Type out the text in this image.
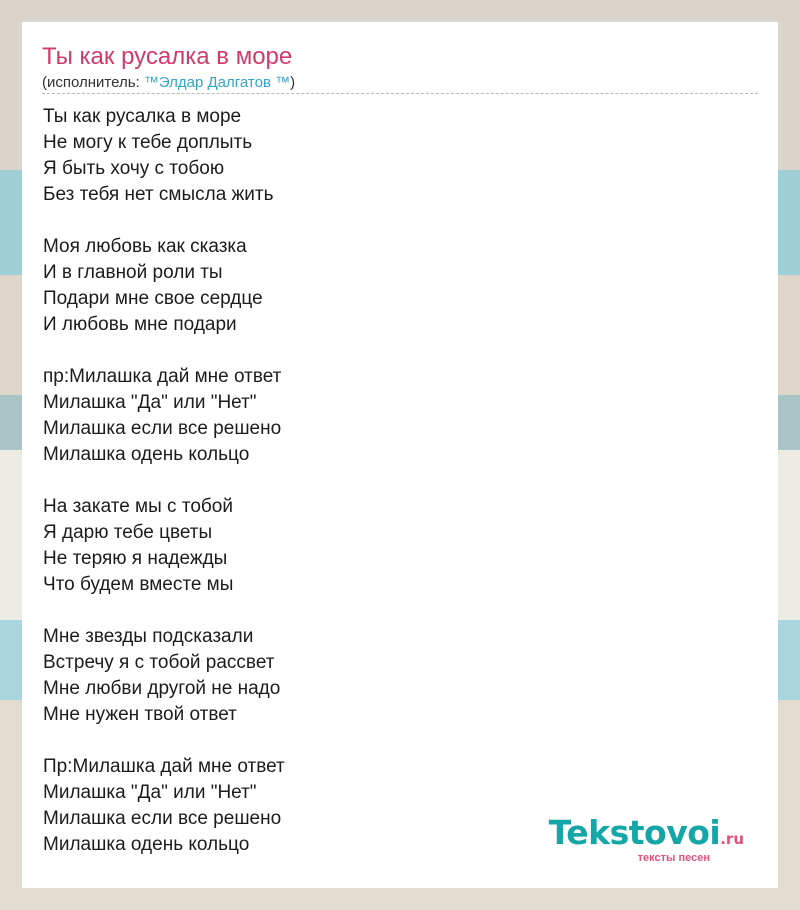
Ты как русалка в море
(исполнитель: ™Элдар Далгатов ™)
Ты как русалка в море
Не могу к тебе доплыть
Я быть хочу с тобою
Без тебя нет смысла жить
Моя любовь как сказка
И в главной роли ты
Подари мне свое сердце
И любовь мне подари
пр:Милашка дай мне ответ
Милашка "Да" или "Нет"
Милашка если все решено
Милашка одень кольцо
На закате мы с тобой
Я дарю тебе цветы
Не теряю я надежды
Что будем вместе мы
Мне звезды подсказали
Встречу я с тобой рассвет
Мне любви другой не надо
Мне нужен твой ответ
Пр:Милашка дай мне ответ
Милашка "Да" или "Нет"
Милашка если все решено
Милашка одень кольцо	Tekstovoi.ru
тексты песен
